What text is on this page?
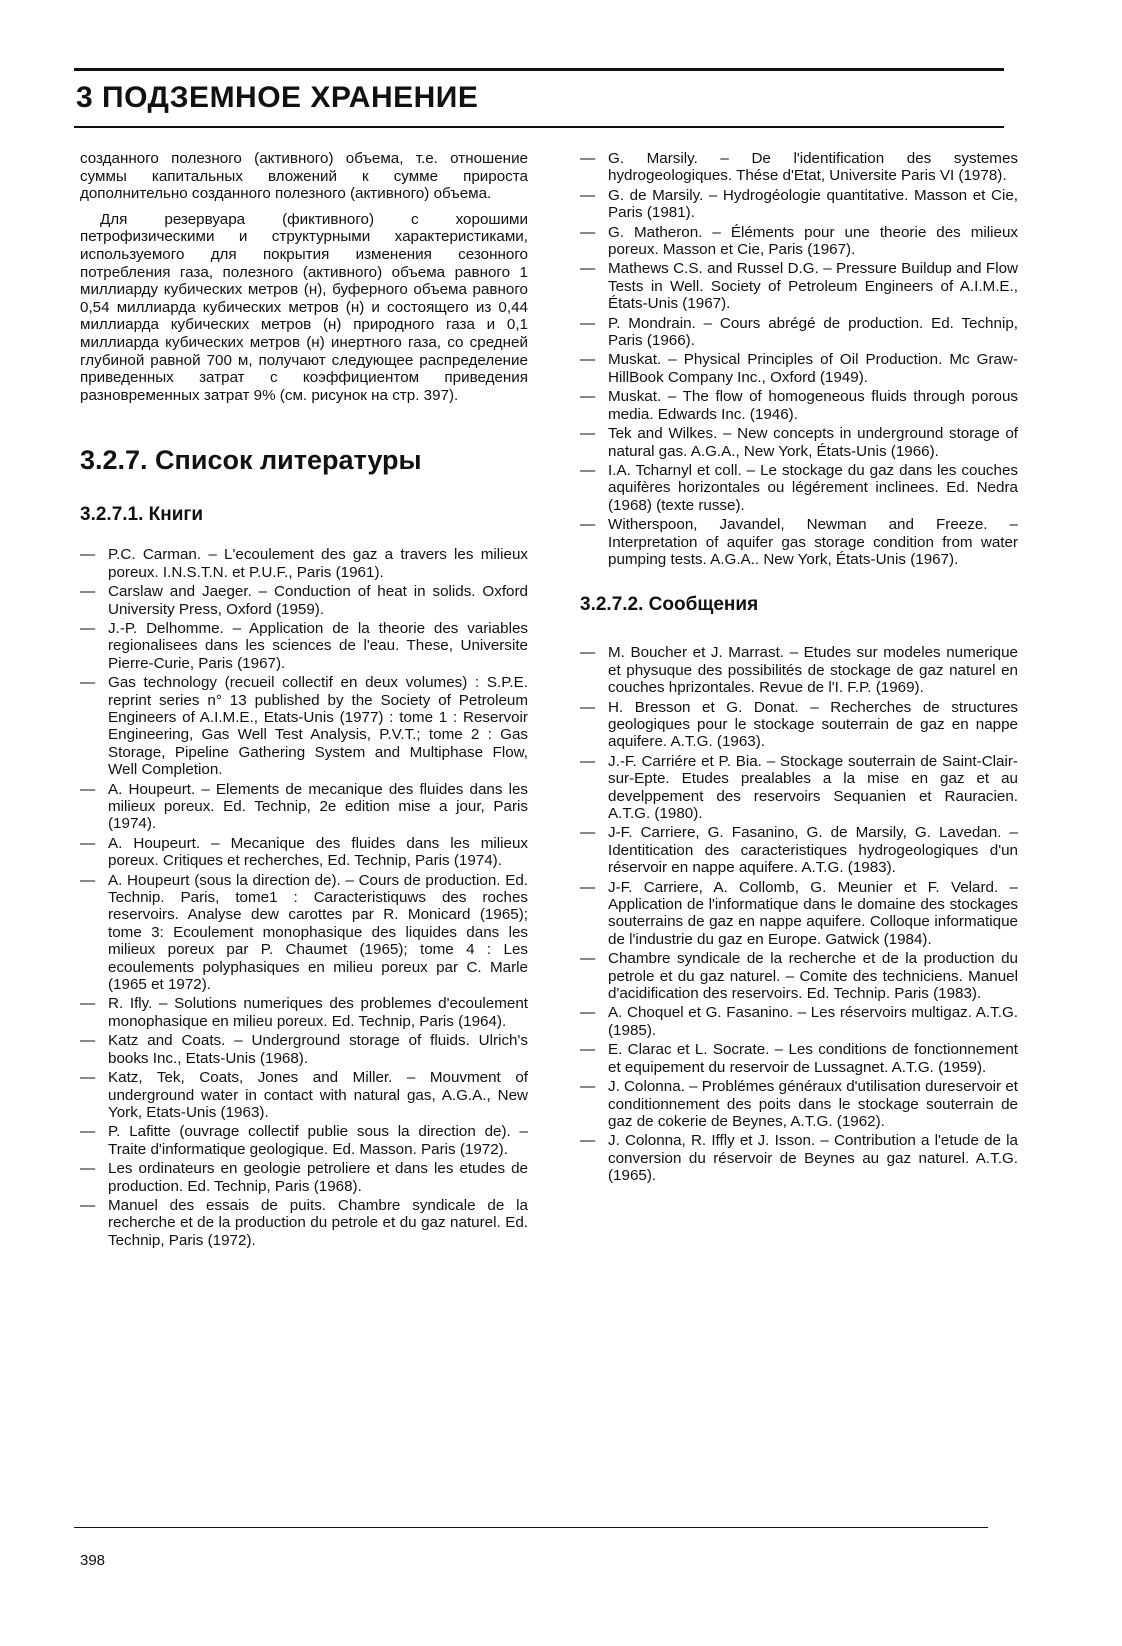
3 ПОДЗЕМНОЕ ХРАНЕНИЕ

созданного полезного (активного) объема, т.е. отношение суммы капитальных вложений к сумме прироста дополнительно созданного полезного (активного) объема.

Для резервуара (фиктивного) с хорошими петрофизическими и структурными характеристиками, используемого для покрытия изменения сезонного потребления газа, полезного (активного) объема равного 1 миллиарду кубических метров (н), буферного объема равного 0,54 миллиарда кубических метров (н) и состоящего из 0,44 миллиарда кубических метров (н) природного газа и 0,1 миллиарда кубических метров (н) инертного газа, со средней глубиной равной 700 м, получают следующее распределение приведенных затрат с коэффициентом приведения разновременных затрат 9% (см. рисунок на стр. 397).

3.2.7. Список литературы
3.2.7.1. Книги
— P.C. Carman. – L'ecoulement des gaz a travers les milieux poreux. I.N.S.T.N. et P.U.F., Paris (1961).
— Carslaw and Jaeger. – Conduction of heat in solids. Oxford University Press, Oxford (1959).
— J.-P. Delhomme. – Application de la theorie des variables regionalisees dans les sciences de l'eau. These, Universite Pierre-Curie, Paris (1967).
— Gas technology (recueil collectif en deux volumes) : S.P.E. reprint series n° 13 published by the Society of Petroleum Engineers of A.I.M.E., Etats-Unis (1977) : tome 1 : Reservoir Engineering, Gas Well Test Analysis, P.V.T.; tome 2 : Gas Storage, Pipeline Gathering System and Multiphase Flow, Well Completion.
— A. Houpeurt. – Elements de mecanique des fluides dans les milieux poreux. Ed. Technip, 2e edition mise a jour, Paris (1974).
— A. Houpeurt. – Mecanique des fluides dans les milieux poreux. Critiques et recherches, Ed. Technip, Paris (1974).
— A. Houpeurt (sous la direction de). – Cours de production. Ed. Technip. Paris, tome1 : Caracteristiquws des roches reservoirs. Analyse dew carottes par R. Monicard (1965); tome 3: Ecoulement monophasique des liquides dans les milieux poreux par P. Chaumet (1965); tome 4 : Les ecoulements polyphasiques en milieu poreux par C. Marle (1965 et 1972).
— R. Ifly. – Solutions numeriques des problemes d'ecoulement monophasique en milieu poreux. Ed. Technip, Paris (1964).
— Katz and Coats. – Underground storage of fluids. Ulrich's books Inc., Etats-Unis (1968).
— Katz, Tek, Coats, Jones and Miller. – Mouvment of underground water in contact with natural gas, A.G.A., New York, Etats-Unis (1963).
— P. Lafitte (ouvrage collectif publie sous la direction de). – Traite d'informatique geologique. Ed. Masson. Paris (1972).
— Les ordinateurs en geologie petroliere et dans les etudes de production. Ed. Technip, Paris (1968).
— Manuel des essais de puits. Chambre syndicale de la recherche et de la production du petrole et du gaz naturel. Ed. Technip, Paris (1972).
— G. Marsily. – De l'identification des systemes hydrogeologiques. Thése d'Etat, Universite Paris VI (1978).
— G. de Marsily. – Hydrogéologie quantitative. Masson et Cie, Paris (1981).
— G. Matheron. – Éléments pour une theorie des milieux poreux. Masson et Cie, Paris (1967).
— Mathews C.S. and Russel D.G. – Pressure Buildup and Flow Tests in Well. Society of Petroleum Engineers of A.I.M.E., États-Unis (1967).
— P. Mondrain. – Cours abrégé de production. Ed. Technip, Paris (1966).
— Muskat. – Physical Principles of Oil Production. Mc Graw-HillBook Company Inc., Oxford (1949).
— Muskat. – The flow of homogeneous fluids through porous media. Edwards Inc. (1946).
— Tek and Wilkes. – New concepts in underground storage of natural gas. A.G.A., New York, États-Unis (1966).
— I.A. Tcharnyl et coll. – Le stockage du gaz dans les couches aquifères horizontales ou légérement inclinees. Ed. Nedra (1968) (texte russe).
— Witherspoon, Javandel, Newman and Freeze. – Interpretation of aquifer gas storage condition from water pumping tests. A.G.A.. New York, États-Unis (1967).
3.2.7.2. Сообщения
— M. Boucher et J. Marrast. – Etudes sur modeles numerique et physuque des possibilités de stockage de gaz naturel en couches hprizontales. Revue de l'I. F.P. (1969).
— H. Bresson et G. Donat. – Recherches de structures geologiques pour le stockage souterrain de gaz en nappe aquifere. A.T.G. (1963).
— J.-F. Carriére et P. Bia. – Stockage souterrain de Saint-Clair-sur-Epte. Etudes prealables a la mise en gaz et au develppement des reservoirs Sequanien et Rauracien. A.T.G. (1980).
— J-F. Carriere, G. Fasanino, G. de Marsily, G. Lavedan. – Identitication des caracteristiques hydrogeologiques d'un réservoir en nappe aquifere. A.T.G. (1983).
— J-F. Carriere, A. Collomb, G. Meunier et F. Velard. – Application de l'informatique dans le domaine des stockages souterrains de gaz en nappe aquifere. Colloque informatique de l'industrie du gaz en Europe. Gatwick (1984).
— Chambre syndicale de la recherche et de la production du petrole et du gaz naturel. – Comite des techniciens. Manuel d'acidification des reservoirs. Ed. Technip. Paris (1983).
— A. Choquel et G. Fasanino. – Les réservoirs multigaz. A.T.G. (1985).
— E. Clarac et L. Socrate. – Les conditions de fonctionnement et equipement du reservoir de Lussagnet. A.T.G. (1959).
— J. Colonna. – Problémes généraux d'utilisation dureservoir et conditionnement des poits dans le stockage souterrain de gaz de cokerie de Beynes, A.T.G. (1962).
— J. Colonna, R. Iffly et J. Isson. – Contribution a l'etude de la conversion du réservoir de Beynes au gaz naturel. A.T.G. (1965).
398
